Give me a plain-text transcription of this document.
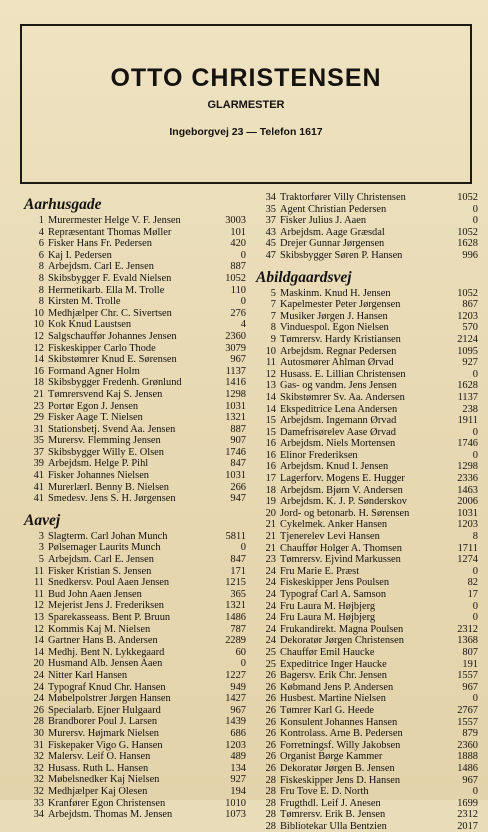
OTTO CHRISTENSEN
GLARMESTER
Ingeborgvej 23 — Telefon 1617
Aarhusgade
1 Murermester Helge V. F. Jensen	3003
4 Repræsentant Thomas Møller	101
6 Fisker Hans Fr. Pedersen	420
6 Kaj I. Pedersen	0
8 Arbejdsm. Carl E. Jensen	887
8 Skibsbygger F. Evald Nielsen	1052
8 Hermetikarb. Ella M. Trolle	110
8 Kirsten M. Trolle	0
10 Medhjælper Chr. C. Sivertsen	276
10 Kok Knud Laustsen	4
12 Salgschauffør Johannes Jensen	2360
12 Fiskeskipper Carlo Thode	3079
14 Skibstømrer Knud E. Sørensen	967
16 Formand Agner Holm	1137
18 Skibsbygger Fredenh. Grønlund	1416
21 Tømrersvend Kaj S. Jensen	1298
23 Portør Egon J. Jensen	1031
29 Fisker Aage T. Nielsen	1321
31 Stationsbetj. Svend Aa. Jensen	887
35 Murersv. Flemming Jensen	907
37 Skibsbygger Willy E. Olsen	1746
39 Arbejdsm. Helge P. Pihl	847
41 Fisker Johannes Nielsen	1031
41 Murerlærl. Benny B. Nielsen	266
41 Smedesv. Jens S. H. Jørgensen	947
Aavej
3 Slagterm. Carl Johan Munch	5811
3 Pølsemager Laurits Munch	0
5 Arbejdsm. Carl E. Jensen	847
11 Fisker Kristian S. Jensen	171
11 Snedkersv. Poul Aaen Jensen	1215
11 Bud John Aaen Jensen	365
12 Mejerist Jens J. Frederiksen	1321
13 Sparekasseass. Bent P. Bruun	1486
12 Kommis Kaj M. Nielsen	787
14 Gartner Hans B. Andersen	2289
14 Medhj. Bent N. Lykkegaard	60
20 Husmand Alb. Jensen Aaen	0
24 Nitter Karl Hansen	1227
24 Typograf Knud Chr. Hansen	949
24 Møbelpolstrer Jørgen Hansen	1427
26 Specialarb. Ejner Hulgaard	967
28 Brandborer Poul J. Larsen	1439
30 Murersv. Højmark Nielsen	686
31 Fiskepaker Vigo G. Hansen	1203
32 Malersv. Leif O. Hansen	489
32 Husass. Ruth L. Hansen	134
32 Møbelsnedker Kaj Nielsen	927
32 Medhjælper Kaj Olesen	194
33 Kranfører Egon Christensen	1010
34 Arbejdsm. Thomas M. Jensen	1073
34 Traktorfører Villy Christensen	1052
35 Agent Christian Pedersen	0
37 Fisker Julius J. Aaen	0
43 Arbejdsm. Aage Græsdal	1052
45 Drejer Gunnar Jørgensen	1628
47 Skibsbygger Søren P. Hansen	996
Abildgaardsvej
5 Maskinm. Knud H. Jensen	1052
7 Kapelmester Peter Jørgensen	867
7 Musiker Jørgen J. Hansen	1203
8 Vinduespol. Egon Nielsen	570
9 Tømrersv. Hardy Kristiansen	2124
10 Arbejdsm. Regnar Pedersen	1095
11 Autosmører Ahlman Ørvad	927
12 Husass. E. Lillian Christensen	0
13 Gas- og vandm. Jens Jensen	1628
14 Skibstømrer Sv. Aa. Andersen	1137
14 Ekspeditrice Lena Andersen	238
15 Arbejdsm. Ingemann Ørvad	1911
15 Damefrisørelev Aase Ørvad	0
16 Arbejdsm. Niels Mortensen	1746
16 Elinor Frederiksen	0
16 Arbejdsm. Knud I. Jensen	1298
17 Lagerforv. Mogens E. Hugger	2336
18 Arbejdsm. Bjørn V. Andersen	1463
19 Arbejdsm. K. J. P. Sønderskov	2006
20 Jord- og betonarb. H. Sørensen	1031
21 Cykelmek. Anker Hansen	1203
21 Tjenerelev Levi Hansen	8
21 Chauffør Holger A. Thomsen	1711
23 Tømrersv. Ejvind Markussen	1274
24 Fru Marie E. Præst	0
24 Fiskeskipper Jens Poulsen	82
24 Typograf Carl A. Samson	17
24 Fru Laura M. Højbjerg	0
24 Fru Laura M. Højbjerg	0
24 Frukandirekt. Magna Poulsen	2312
24 Dekoratør Jørgen Christensen	1368
25 Chauffør Emil Haucke	807
25 Expeditrice Inger Haucke	191
26 Bagersv. Erik Chr. Jensen	1557
26 Købmand Jens P. Andersen	967
26 Husbest. Martine Nielsen	0
26 Tømrer Karl G. Heede	2767
26 Konsulent Johannes Hansen	1557
26 Kontrolass. Arne B. Pedersen	879
26 Forretningsf. Willy Jakobsen	2360
26 Organist Børge Kammer	1888
26 Dekoratør Jørgen B. Jensen	1486
28 Fiskeskipper Jens D. Hansen	967
28 Fru Tove E. D. North	0
28 Frugthdl. Leif J. Anesen	1699
28 Tømrersv. Erik B. Jensen	2312
28 Bibliotekar Ulla Bentzien	2017
